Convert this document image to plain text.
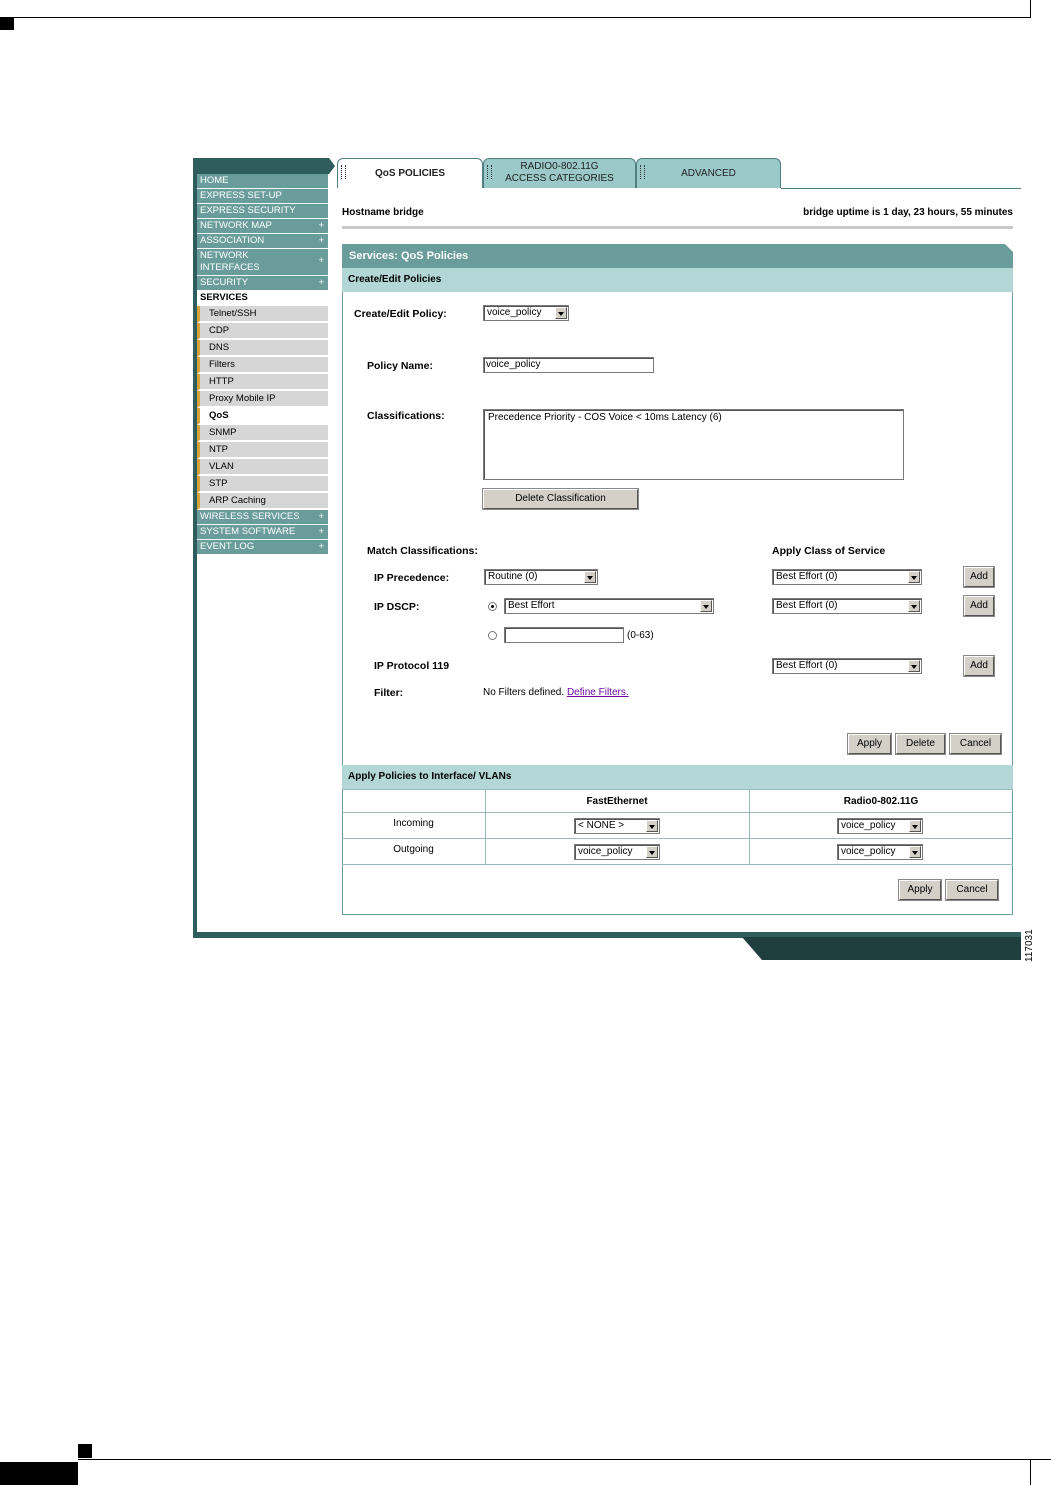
117031
HOME
EXPRESS SET-UP
EXPRESS SECURITY
NETWORK MAP	+
ASSOCIATION	+
NETWORK INTERFACES
+
SECURITY	+
SERVICES
Telnet/SSH
CDP
DNS
Filters
HTTP
Proxy Mobile IP
QoS
SNMP
NTP
VLAN
STP
ARP Caching
WIRELESS SERVICES +
SYSTEM SOFTWARE +
EVENT LOG	+
QoS POLICIES
RADIO0-802.11G
ACCESS CATEGORIES	ADVANCED
Hostname bridge	bridge uptime is 1 day, 23 hours, 55 minutes
Services: QoS Policies
Create/Edit Policies
Create/Edit Policy:	voice_policy
Policy Name:	voice_policy
Classifications:	Precedence Priority - COS Voice < 10ms Latency (6)
Delete Classification
Match Classifications:	Apply Class of Service
IP Precedence:	Routine (0)	Best Effort (0)	Add
IP DSCP:	Best Effort	Best Effort (0)	Add
(0-63)
IP Protocol 119	Best Effort (0)	Add
Filter:	No Filters defined. Define Filters.
Apply	Delete	Cancel
Apply Policies to Interface/ VLANs
FastEthernet	Radio0-802.11G
Incoming	< NONE >	voice_policy
Outgoing	voice_policy	voice_policy
Apply	Cancel
